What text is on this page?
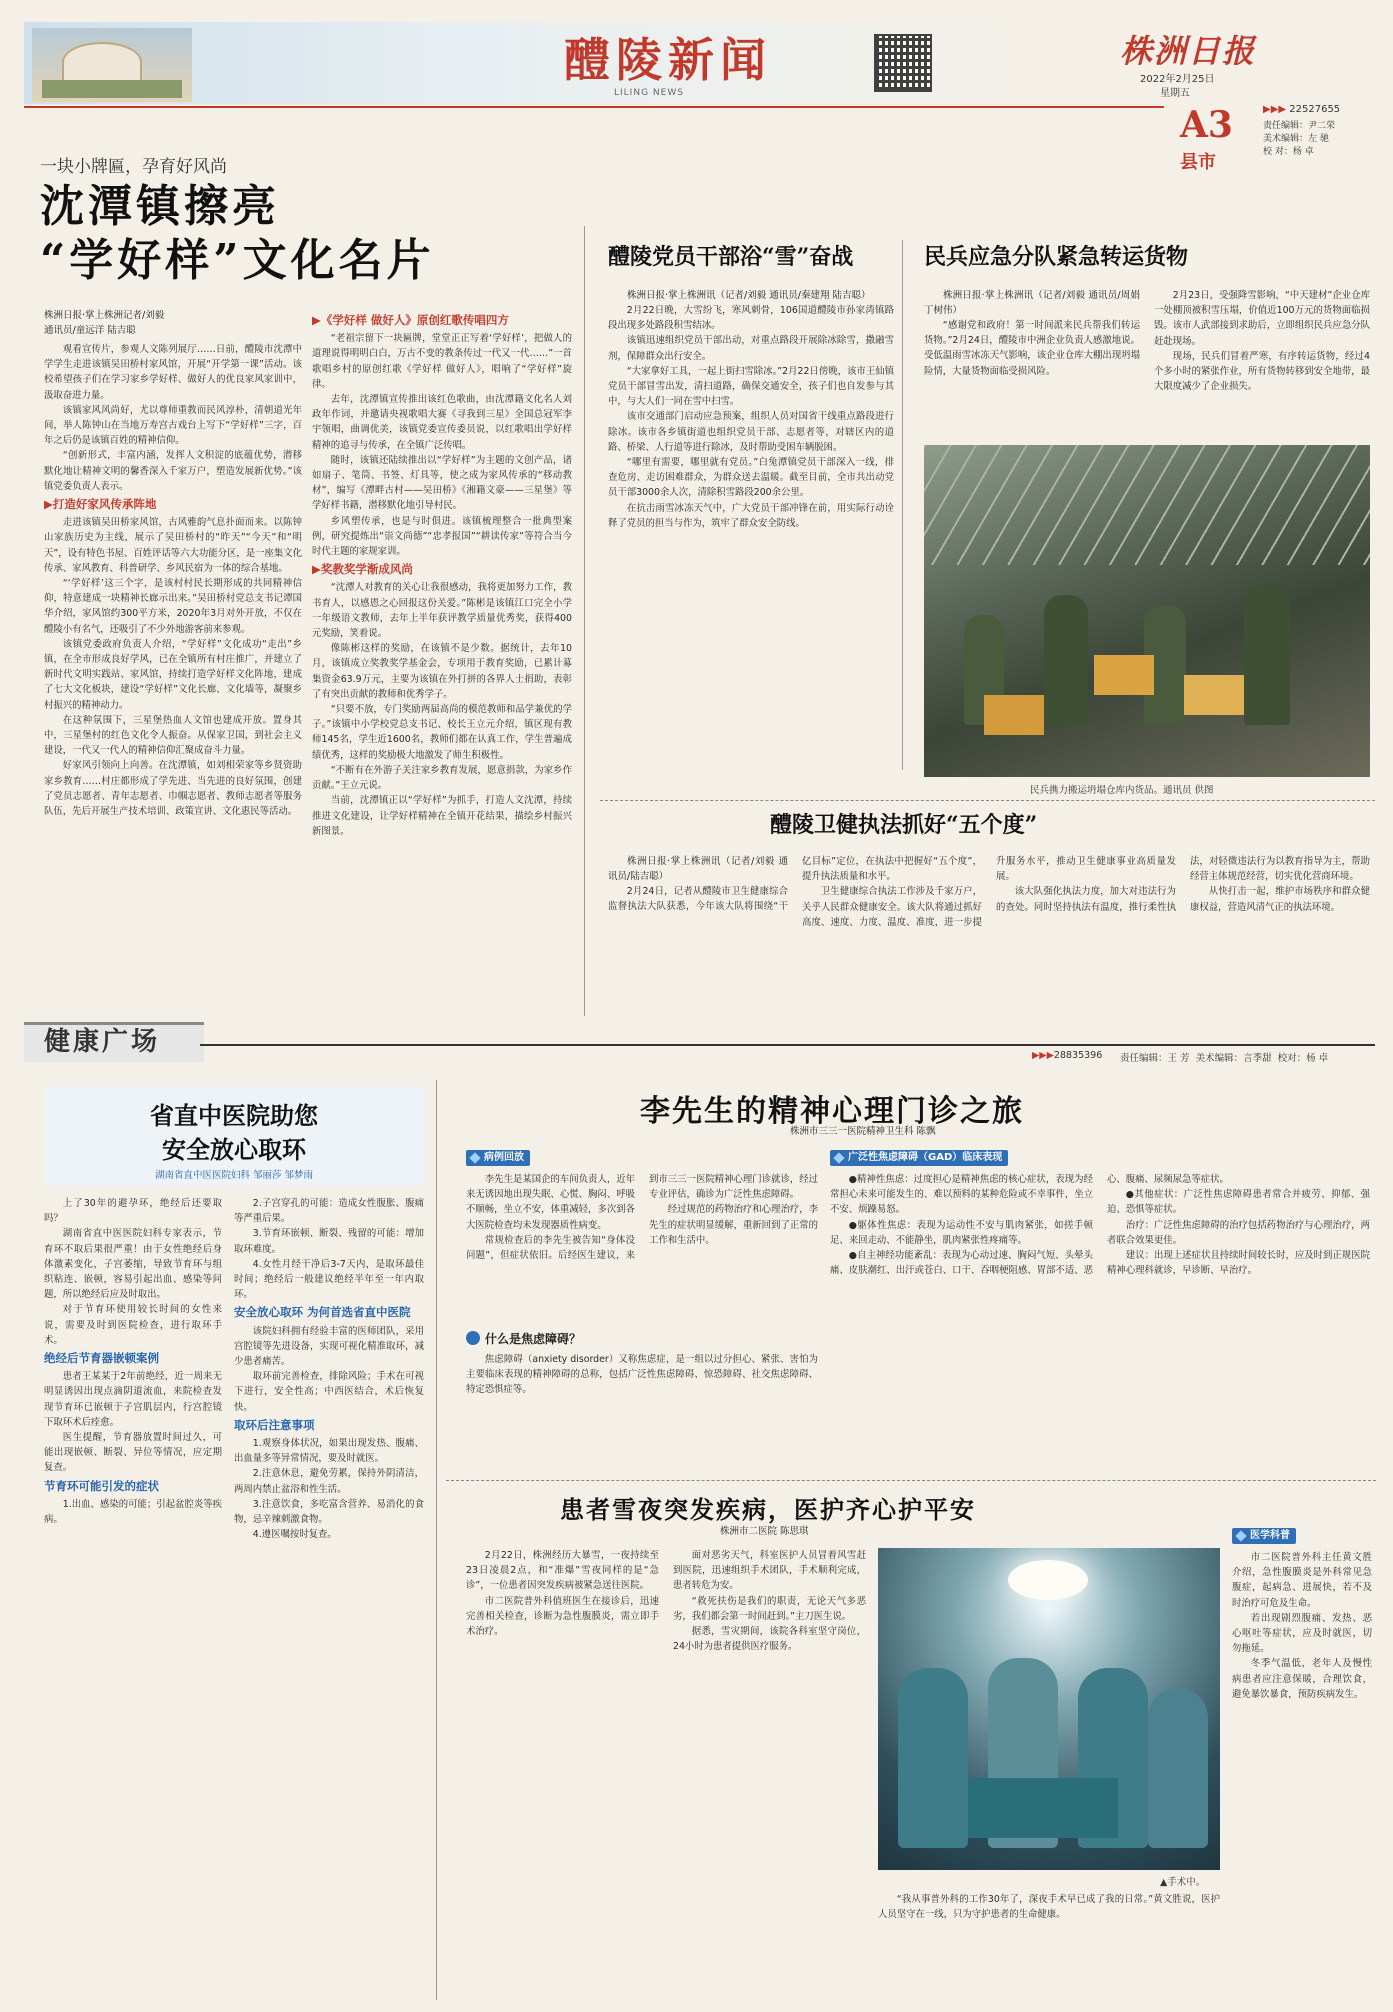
醴陵新闻
LILING NEWS
株洲日报
2022年2月25日
星期五
A3
县市
▶▶▶ 22527655
责任编辑：尹二荣
美术编辑：左 驰
校 对：杨 卓
一块小牌匾，孕育好风尚
沈潭镇擦亮
“学好样”文化名片
株洲日报·掌上株洲记者/刘毅
通讯员/童远洋 陆吉聪

观看宣传片，参观人文陈列展厅……日前，醴陵市沈潭中学学生走进该镇吴田桥村家风馆，开展“开学第一课”活动。该校希望孩子们在学习家乡学好样、做好人的优良家风家训中，汲取奋进力量。

该镇家风风尚好，尤以尊师重教而民风淳朴，清朝道光年间，举人陈钟山在当地万寿宫古戏台上写下“学好样”三字，百年之后仍是该镇百姓的精神信仰。

“创新形式，丰富内涵，发挥人文积淀的底蕴优势，潜移默化地让精神文明的馨香深入千家万户，塑造发展新优势。”该镇党委负责人表示。

▶打造好家风传承阵地

走进该镇吴田桥家风馆，古风雅韵气息扑面而来。以陈钟山家族历史为主线，展示了吴田桥村的“昨天”“今天”和“明天”，设有特色书屋、百姓评话等六大功能分区，是一座集文化传承、家风教育、科普研学、乡风民宿为一体的综合基地。

“‘学好样’这三个字，是该村村民长期形成的共同精神信仰，特意建成一块精神长廊示出来。”吴田桥村党总支书记谭国华介绍，家风馆约300平方米，2020年3月对外开放，不仅在醴陵小有名气，还吸引了不少外地游客前来参观。

该镇党委政府负责人介绍，“学好样”文化成功“走出”乡镇，在全市形成良好学风，已在全镇所有村庄推广，并建立了新时代文明实践站、家风馆，持续打造学好样文化阵地，建成了七大文化板块，建设“学好样”文化长廊、文化墙等，凝聚乡村振兴的精神动力。

在这种氛围下，三星堡热血人文馆也建成开放。置身其中，三星堡村的红色文化令人振奋。从保家卫国，到社会主义建设，一代又一代人的精神信仰汇聚成奋斗力量。

好家风引领向上向善。在沈潭镇，如刘相荣家等乡贤资助家乡教育……村庄都形成了学先进、当先进的良好氛围，创建了党员志愿者、青年志愿者、巾帼志愿者、教师志愿者等服务队伍，先后开展生产技术培训、政策宣讲、文化惠民等活动。

▶《学好样 做好人》原创红歌传唱四方

“老祖宗留下一块匾牌，堂堂正正写着‘学好样’，把做人的道理说得明明白白，万古不变的教条传过一代又一代……”一首歌唱乡村的原创红歌《学好样 做好人》，唱响了“学好样”旋律。

去年，沈潭镇宣传推出该红色歌曲，由沈潭籍文化名人刘政年作词，并邀请央视歌唱大赛《寻我到三星》全国总冠军李宇领唱，曲调优美，该镇党委宣传委员说，以红歌唱出学好样精神的追寻与传承，在全镇广泛传唱。

随时，该镇还陆续推出以“学好样”为主题的文创产品，诸如扇子、笔筒、书签、灯具等，使之成为家风传承的“移动教材”，编写《潭畔古村——吴田桥》《湘籍文豪——三星堡》等学好样书籍，潜移默化地引导村民。

乡风塑传承，也是与时俱进。该镇梳理整合一批典型案例，研究提炼出“崇文尚德”“忠孝报国”“耕读传家”等符合当今时代主题的家规家训。

▶奖教奖学渐成风尚

“沈潭人对教育的关心让我很感动，我将更加努力工作，教书育人，以感恩之心回报这份关爱。”陈彬是该镇江口完全小学一年级语文教师，去年上半年获评教学质量优秀奖，获得400元奖励，笑着说。

像陈彬这样的奖励，在该镇不是少数。据统计，去年10月，该镇成立奖教奖学基金会，专项用于教育奖励，已累计募集资金63.9万元，主要为该镇在外打拼的各界人士捐助，表彰了有突出贡献的教师和优秀学子。

“只要不放，专门奖励两届高尚的模范教师和品学兼优的学子。”该镇中小学校党总支书记、校长王立元介绍，镇区现有教师145名，学生近1600名，教师们都在认真工作，学生普遍成绩优秀，这样的奖励极大地激发了师生积极性。

“不断有在外游子关注家乡教育发展，愿意捐款，为家乡作贡献。”王立元说。

当前，沈潭镇正以“学好样”为抓手，打造人文沈潭，持续推进文化建设，让学好样精神在全镇开花结果，描绘乡村振兴新图景。

醴陵党员干部浴“雪”奋战

株洲日报·掌上株洲讯（记者/刘毅 通讯员/秦建翔 陆吉聪）

2月22日晚，大雪纷飞，寒风刺骨，106国道醴陵市孙家湾镇路段出现多处路段积雪结冰。

该镇迅速组织党员干部出动，对重点路段开展除冰除雪，撒融雪剂，保障群众出行安全。

“大家拿好工具，一起上街扫雪除冰。”2月22日傍晚，该市王仙镇党员干部冒雪出发，清扫道路，确保交通安全，孩子们也自发参与其中，与大人们一同在雪中扫雪。

该市交通部门启动应急预案，组织人员对国省干线重点路段进行除冰。该市各乡镇街道也组织党员干部、志愿者等，对辖区内的道路、桥梁、人行道等进行除冰，及时帮助受困车辆脱困。

“哪里有需要，哪里就有党员。”白兔潭镇党员干部深入一线，排查危房、走访困难群众，为群众送去温暖。截至目前，全市共出动党员干部3000余人次，清除积雪路段200余公里。

在抗击雨雪冰冻天气中，广大党员干部冲锋在前，用实际行动诠释了党员的担当与作为，筑牢了群众安全防线。

民兵应急分队紧急转运货物

株洲日报·掌上株洲讯（记者/刘毅 通讯员/周娟 丁树伟）

“感谢党和政府！第一时间派来民兵帮我们转运货物。”2月24日，醴陵市中洲企业负责人感激地说。受低温雨雪冰冻天气影响，该企业仓库大棚出现坍塌险情，大量货物面临受损风险。

2月23日，受强降雪影响，“中天建材”企业仓库一处棚顶被积雪压塌，价值近100万元的货物面临损毁。该市人武部接到求助后，立即组织民兵应急分队赶赴现场。

现场，民兵们冒着严寒，有序转运货物，经过4个多小时的紧张作业，所有货物转移到安全地带，最大限度减少了企业损失。

民兵携力搬运坍塌仓库内货品。通讯员 供图
醴陵卫健执法抓好“五个度”

株洲日报·掌上株洲讯（记者/刘毅 通讯员/陆吉聪）

2月24日，记者从醴陵市卫生健康综合监督执法大队获悉，今年该大队将围绕“干亿目标”定位，在执法中把握好“五个度”，提升执法质量和水平。

卫生健康综合执法工作涉及千家万户，关乎人民群众健康安全。该大队将通过抓好高度、速度、力度、温度、准度，进一步提升服务水平，推动卫生健康事业高质量发展。

该大队强化执法力度，加大对违法行为的查处。同时坚持执法有温度，推行柔性执法，对轻微违法行为以教育指导为主，帮助经营主体规范经营，切实优化营商环境。

从快打击一起，维护市场秩序和群众健康权益，营造风清气正的执法环境。

健康广场	▶▶▶28835396 责任编辑：王 芳 美术编辑：言季甜 校对：杨 卓
省直中医院助您
安全放心取环
湖南省直中医医院妇科 邹丽莎 邹梦雨

上了30年的避孕环，绝经后还要取吗？

湖南省直中医医院妇科专家表示，节育环不取后果很严重！由于女性绝经后身体激素变化，子宫萎缩，导致节育环与组织粘连、嵌顿，容易引起出血、感染等问题，所以绝经后应及时取出。

对于节育环使用较长时间的女性来说，需要及时到医院检查，进行取环手术。

绝经后节育器嵌顿案例

患者王某某于2年前绝经，近一周来无明显诱因出现点滴阴道流血，来院检查发现节育环已嵌顿于子宫肌层内，行宫腔镜下取环术后痊愈。

医生提醒，节育器放置时间过久，可能出现嵌顿、断裂、异位等情况，应定期复查。

节育环可能引发的症状

1.出血、感染的可能；引起盆腔炎等疾病。

2.子宫穿孔的可能：造成女性腹胀、腹痛等严重后果。

3.节育环嵌顿、断裂、残留的可能：增加取环难度。

4.女性月经干净后3-7天内，是取环最佳时间；绝经后一般建议绝经半年至一年内取环。

安全放心取环 为何首选省直中医院

该院妇科拥有经验丰富的医师团队，采用宫腔镜等先进设备，实现可视化精准取环，减少患者痛苦。

取环前完善检查，排除风险；手术在可视下进行，安全性高；中西医结合，术后恢复快。

取环后注意事项

1.观察身体状况，如果出现发热、腹痛、出血量多等异常情况，要及时就医。

2.注意休息，避免劳累，保持外阴清洁，两周内禁止盆浴和性生活。

3.注意饮食，多吃富含营养、易消化的食物，忌辛辣刺激食物。

4.遵医嘱按时复查。

李先生的精神心理门诊之旅
株洲市三三一医院精神卫生科 陈飘
病例回放

李先生是某国企的车间负责人，近年来无诱因地出现失眠、心慌、胸闷、呼吸不顺畅，坐立不安，体重减轻，多次到各大医院检查均未发现器质性病变。

常规检查后的李先生被告知“身体没问题”，但症状依旧。后经医生建议，来到市三三一医院精神心理门诊就诊，经过专业评估，确诊为广泛性焦虑障碍。

经过规范的药物治疗和心理治疗，李先生的症状明显缓解，重新回到了正常的工作和生活中。

什么是焦虑障碍？

焦虑障碍（anxiety disorder）又称焦虑症，是一组以过分担心、紧张、害怕为主要临床表现的精神障碍的总称，包括广泛性焦虑障碍、惊恐障碍、社交焦虑障碍、特定恐惧症等。

广泛性焦虑障碍（GAD）临床表现

●精神性焦虑：过度担心是精神焦虑的核心症状，表现为经常担心未来可能发生的、难以预料的某种危险或不幸事件，坐立不安、烦躁易怒。

●躯体性焦虑：表现为运动性不安与肌肉紧张，如搓手顿足、来回走动、不能静坐，肌肉紧张性疼痛等。

●自主神经功能紊乱：表现为心动过速、胸闷气短、头晕头痛、皮肤潮红、出汗或苍白、口干、吞咽梗阻感、胃部不适、恶心、腹痛、尿频尿急等症状。

●其他症状：广泛性焦虑障碍患者常合并疲劳、抑郁、强迫、恐惧等症状。

治疗：广泛性焦虑障碍的治疗包括药物治疗与心理治疗，两者联合效果更佳。

建议：出现上述症状且持续时间较长时，应及时到正规医院精神心理科就诊，早诊断、早治疗。

患者雪夜突发疾病，医护齐心护平安
株洲市二医院 陈思琪

2月22日，株洲经历大暴雪，一夜持续至23日凌晨2点，和“准爆”雪夜同样的是“急诊”，一位患者因突发疾病被紧急送往医院。

市二医院普外科值班医生在接诊后，迅速完善相关检查，诊断为急性腹膜炎，需立即手术治疗。

面对恶劣天气，科室医护人员冒着风雪赶到医院，迅速组织手术团队，手术顺利完成，患者转危为安。

“救死扶伤是我们的职责，无论天气多恶劣，我们都会第一时间赶到。”主刀医生说。

据悉，雪灾期间，该院各科室坚守岗位，24小时为患者提供医疗服务。

▲手术中。

“我从事普外科的工作30年了，深夜手术早已成了我的日常。”黄文胜说，医护人员坚守在一线，只为守护患者的生命健康。

医学科普

市二医院普外科主任黄文胜介绍，急性腹膜炎是外科常见急腹症，起病急、进展快，若不及时治疗可危及生命。

若出现剧烈腹痛、发热、恶心呕吐等症状，应及时就医，切勿拖延。

冬季气温低，老年人及慢性病患者应注意保暖，合理饮食，避免暴饮暴食，预防疾病发生。
